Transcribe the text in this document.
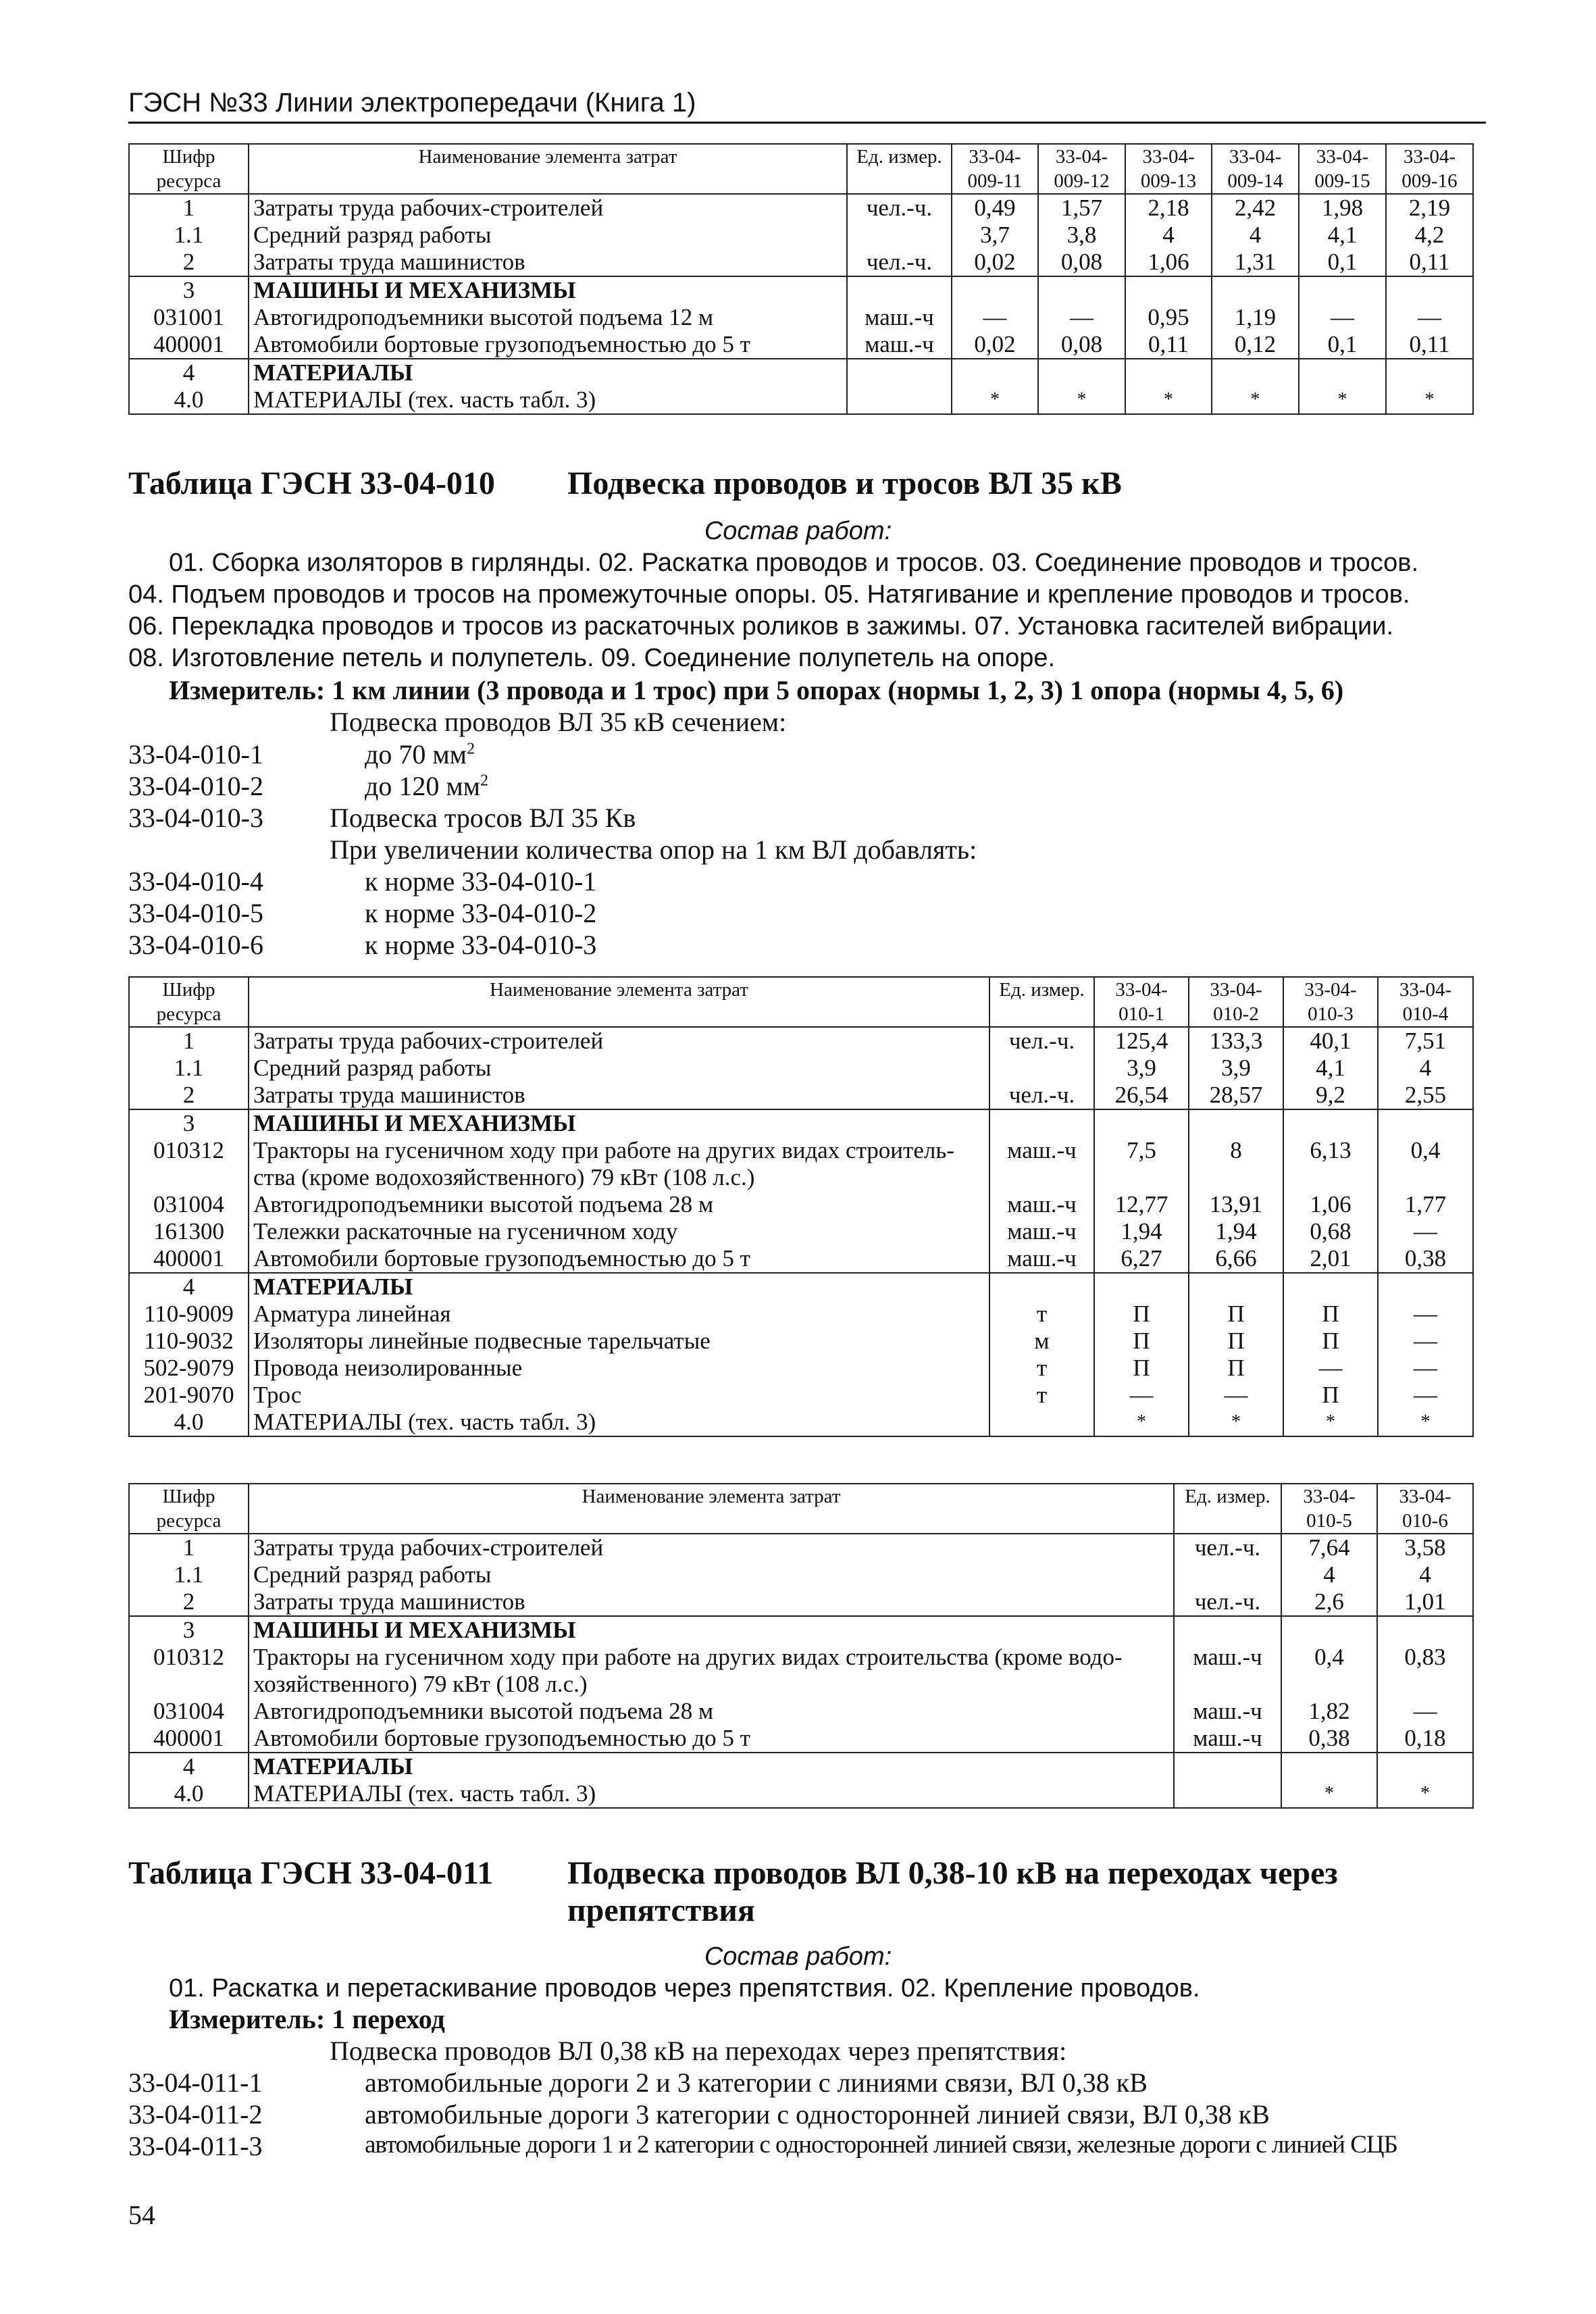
ГЭСН №33 Линии электропередачи (Книга 1)
Шифр ресурса	Наименование элемента затрат	Ед. измер.	33-04-009-11	33-04-009-12	33-04-009-13	33-04-009-14	33-04-009-15	33-04-009-16
1	Затраты труда рабочих-строителей	чел.-ч.	0,49	1,57	2,18	2,42	1,98	2,19
1.1	Средний разряд работы		3,7	3,8	4	4	4,1	4,2
2	Затраты труда машинистов	чел.-ч.	0,02	0,08	1,06	1,31	0,1	0,11
3	МАШИНЫ И МЕХАНИЗМЫ							
031001	Автогидроподъемники высотой подъема 12 м	маш.-ч	—	—	0,95	1,19	—	—
400001	Автомобили бортовые грузоподъемностью до 5 т	маш.-ч	0,02	0,08	0,11	0,12	0,1	0,11
4	МАТЕРИАЛЫ							
4.0	МАТЕРИАЛЫ (тех. часть табл. 3)		*	*	*	*	*	*
Таблица ГЭСН 33-04-010 Подвеска проводов и тросов ВЛ 35 кВ
Состав работ:
01. Сборка изоляторов в гирлянды. 02. Раскатка проводов и тросов. 03. Соединение проводов и тросов.
04. Подъем проводов и тросов на промежуточные опоры. 05. Натягивание и крепление проводов и тросов.
06. Перекладка проводов и тросов из раскаточных роликов в зажимы. 07. Установка гасителей вибрации.
08. Изготовление петель и полупетель. 09. Соединение полупетель на опоре.
Измеритель: 1 км линии (3 провода и 1 трос) при 5 опорах (нормы 1, 2, 3) 1 опора (нормы 4, 5, 6)
Подвеска проводов ВЛ 35 кВ сечением:
33-04-010-1	до 70 $мм^2$
33-04-010-2	до 120 $мм^2$
33-04-010-3 Подвеска тросов ВЛ 35 Кв
При увеличении количества опор на 1 км ВЛ добавлять:
33-04-010-4	к норме 33-04-010-1
33-04-010-5	к норме 33-04-010-2
33-04-010-6	к норме 33-04-010-3
Шифр ресурса	Наименование элемента затрат	Ед. измер.	33-04-010-1	33-04-010-2	33-04-010-3	33-04-010-4
1	Затраты труда рабочих-строителей	чел.-ч.	125,4	133,3	40,1	7,51
1.1	Средний разряд работы		3,9	3,9	4,1	4
2	Затраты труда машинистов	чел.-ч.	26,54	28,57	9,2	2,55
3	МАШИНЫ И МЕХАНИЗМЫ					
010312	Тракторы на гусеничном ходу при работе на других видах строитель-ства (кроме водохозяйственного) 79 кВт (108 л.с.)	маш.-ч	7,5	8	6,13	0,4
031004	Автогидроподъемники высотой подъема 28 м	маш.-ч	12,77	13,91	1,06	1,77
161300	Тележки раскаточные на гусеничном ходу	маш.-ч	1,94	1,94	0,68	—
400001	Автомобили бортовые грузоподъемностью до 5 т	маш.-ч	6,27	6,66	2,01	0,38
4	МАТЕРИАЛЫ					
110-9009	Арматура линейная	т	П	П	П	—
110-9032	Изоляторы линейные подвесные тарельчатые	м	П	П	П	—
502-9079	Провода неизолированные	т	П	П	—	—
201-9070	Трос	т	—	—	П	—
4.0	МАТЕРИАЛЫ (тех. часть табл. 3)		*	*	*	*
Шифр ресурса	Наименование элемента затрат	Ед. измер.	33-04-010-5	33-04-010-6
1	Затраты труда рабочих-строителей	чел.-ч.	7,64	3,58
1.1	Средний разряд работы		4	4
2	Затраты труда машинистов	чел.-ч.	2,6	1,01
3	МАШИНЫ И МЕХАНИЗМЫ			
010312	Тракторы на гусеничном ходу при работе на других видах строительства (кроме водо-хозяйственного) 79 кВт (108 л.с.)	маш.-ч	0,4	0,83
031004	Автогидроподъемники высотой подъема 28 м	маш.-ч	1,82	—
400001	Автомобили бортовые грузоподъемностью до 5 т	маш.-ч	0,38	0,18
4	МАТЕРИАЛЫ			
4.0	МАТЕРИАЛЫ (тех. часть табл. 3)		*	*
Таблица ГЭСН 33-04-011 Подвеска проводов ВЛ 0,38-10 кВ на переходах через
препятствия
Состав работ:
01. Раскатка и перетаскивание проводов через препятствия. 02. Крепление проводов.
Измеритель: 1 переход
Подвеска проводов ВЛ 0,38 кВ на переходах через препятствия:
33-04-011-1	автомобильные дороги 2 и 3 категории с линиями связи, ВЛ 0,38 кВ
33-04-011-2	автомобильные дороги 3 категории с односторонней линией связи, ВЛ 0,38 кВ
33-04-011-3	автомобильные дороги 1 и 2 категории с односторонней линией связи, железные дороги с линией СЦБ
54
